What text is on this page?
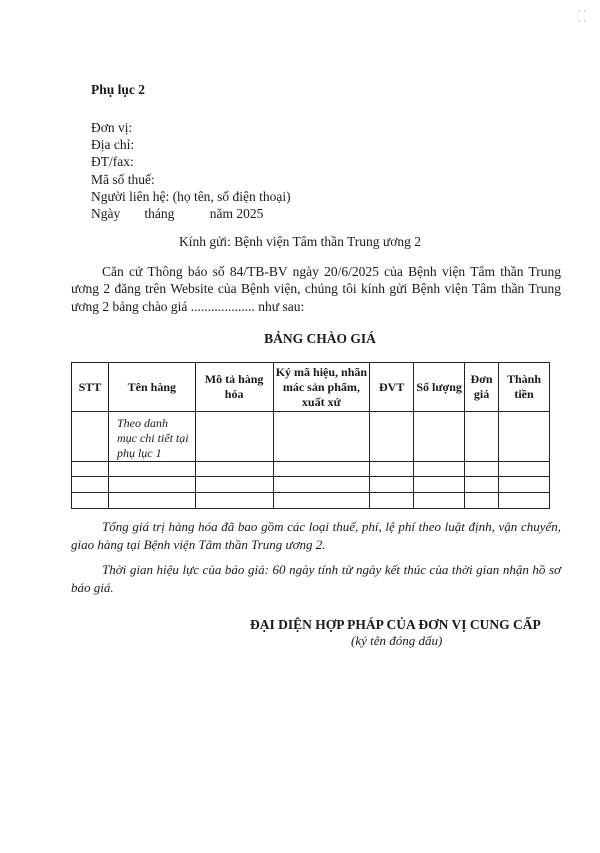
· ·
· ·
Phụ lục 2
Đơn vị:
Địa chỉ:
ĐT/fax:
Mã số thuế:
Người liên hệ: (họ tên, số điện thoại)
Ngày tháng	năm 2025
Kính gửi: Bệnh viện Tâm thần Trung ương 2
Căn cứ Thông báo số 84/TB-BV ngày 20/6/2025 của Bệnh viện Tâm thần Trung ương 2 đăng trên Website của Bệnh viện, chúng tôi kính gửi Bệnh viện Tâm thần Trung ương 2 bảng chào giá ................... như sau:
BẢNG CHÀO GIÁ
STT	Tên hàng	Mô tả hàng hóa	Ký mã hiệu, nhãn mác sản phẩm, xuất xứ	ĐVT	Số lượng	Đơn giá	Thành tiền
	Theo danh mục chi tiết tại phụ lục 1						

Tổng giá trị hàng hóa đã bao gồm các loại thuế, phí, lệ phí theo luật định, vận chuyển, giao hàng tại Bệnh viện Tâm thần Trung ương 2.

Thời gian hiệu lực của báo giá: 60 ngày tính từ ngày kết thúc của thời gian nhận hồ sơ báo giá.

ĐẠI DIỆN HỢP PHÁP CỦA ĐƠN VỊ CUNG CẤP
(ký tên đóng dấu)
